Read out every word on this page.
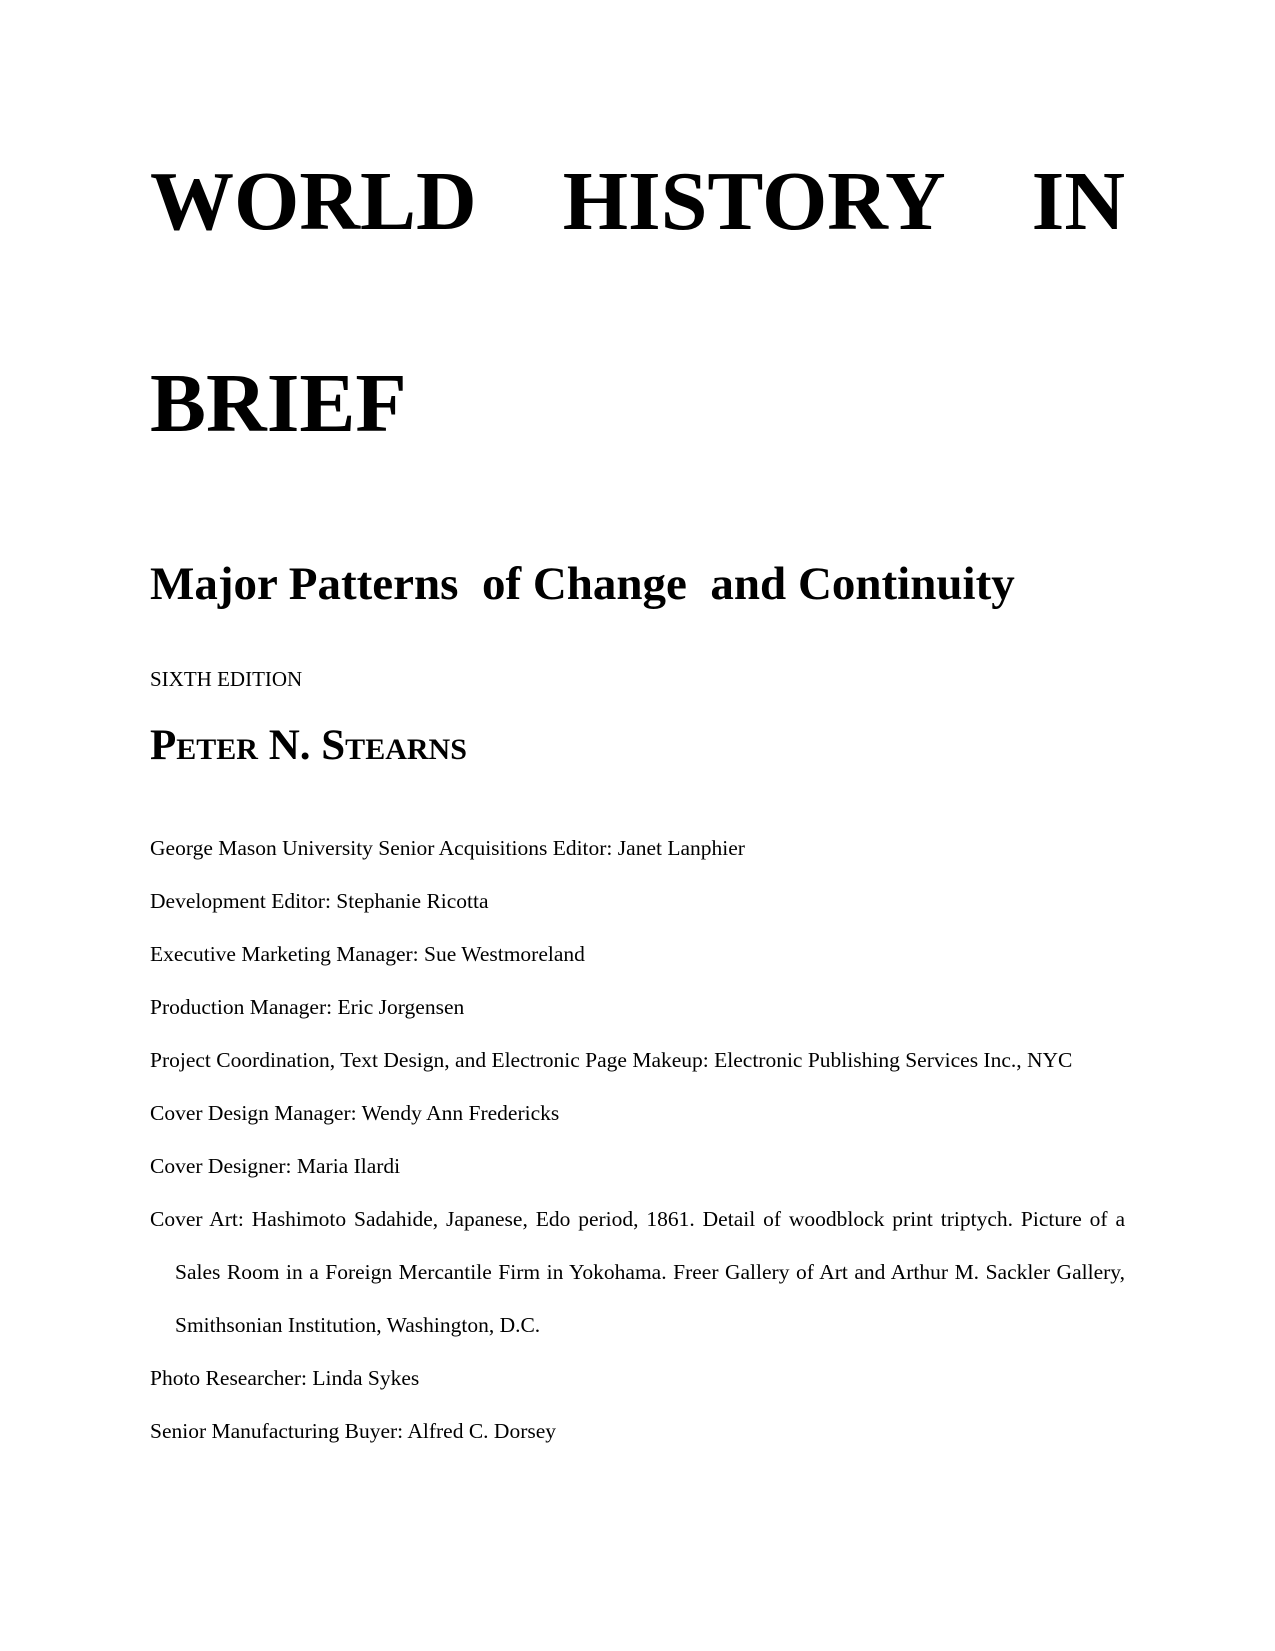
WORLD HISTORY IN
BRIEF
Major Patterns  of Change  and Continuity
SIXTH EDITION
Peter N. Stearns

George Mason University Senior Acquisitions Editor: Janet Lanphier

Development Editor: Stephanie Ricotta

Executive Marketing Manager: Sue Westmoreland

Production Manager: Eric Jorgensen

Project Coordination, Text Design, and Electronic Page Makeup: Electronic Publishing Services Inc., NYC

Cover Design Manager: Wendy Ann Fredericks

Cover Designer: Maria Ilardi

Cover Art: Hashimoto Sadahide, Japanese, Edo period, 1861. Detail of woodblock print triptych. Picture of a Sales Room in a Foreign Mercantile Firm in Yokohama. Freer Gallery of Art and Arthur M. Sackler Gallery, Smithsonian Institution, Washington, D.C.

Photo Researcher: Linda Sykes

Senior Manufacturing Buyer: Alfred C. Dorsey
